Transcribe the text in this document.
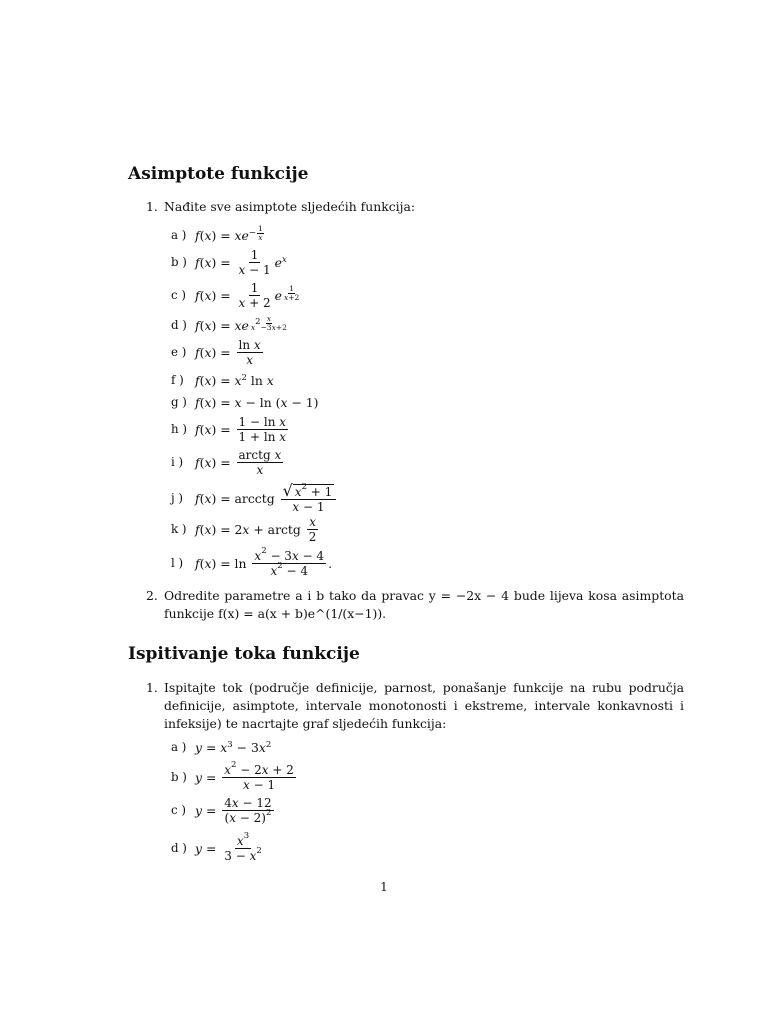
Asimptote funkcije
1. Nađite sve asimptote sljedećih funkcija:
a ) f ( x ) = $xe^{- \frac{1}{x}}$
b ) f ( x ) = $\frac{1}{x - 1}$ e $^x$
c ) f ( x ) = $\frac{1}{x + 2}$ e $^{\frac{1}{x+2}}$
d ) f ( x ) = xe $^{\frac{x}{x^2-3x+2}}$
e ) f ( x ) = $\frac{\text{ln x}}{x}$
f ) f ( x ) = $x^2$ ln x
g ) f ( x ) = x − ln ( x − 1)
h ) f ( x ) = $\frac{\text{1 − ln x}}{\text{1 + ln x}}$
i ) f ( x ) = $\frac{\text{arctg x}}{x}$
j ) f ( x ) = arcctg $\frac{√ x^2 + 1}{x - 1}$
k ) f ( x ) = 2 x + arctg $\frac{x}{2}$
l ) f ( x ) = $\ln \frac{x^2 - 3x - 4}{x^2 - 4}$ .
2. Odredite parametre a i b tako da pravac y = −2x − 4 bude lijeva kosa asimptota funkcije f(x) = a(x + b)e^(1/(x−1)).
Ispitivanje toka funkcije
1. Ispitajte tok (područje definicije, parnost, ponašanje funkcije na rubu područja definicije, asimptote, intervale monotonosti i ekstreme, intervale konkavnosti i infeksije) te nacrtajte graf sljedećih funkcija:
a ) $y = x^3 - 3$ $x^2$
b ) $y = \frac{x^2 - 2x + 2}{x - 1}$
c ) $y = \frac{4x - 12}{(x - 2)^2}$
d ) $y = \frac{x^3}{3 - x^2}$
1
